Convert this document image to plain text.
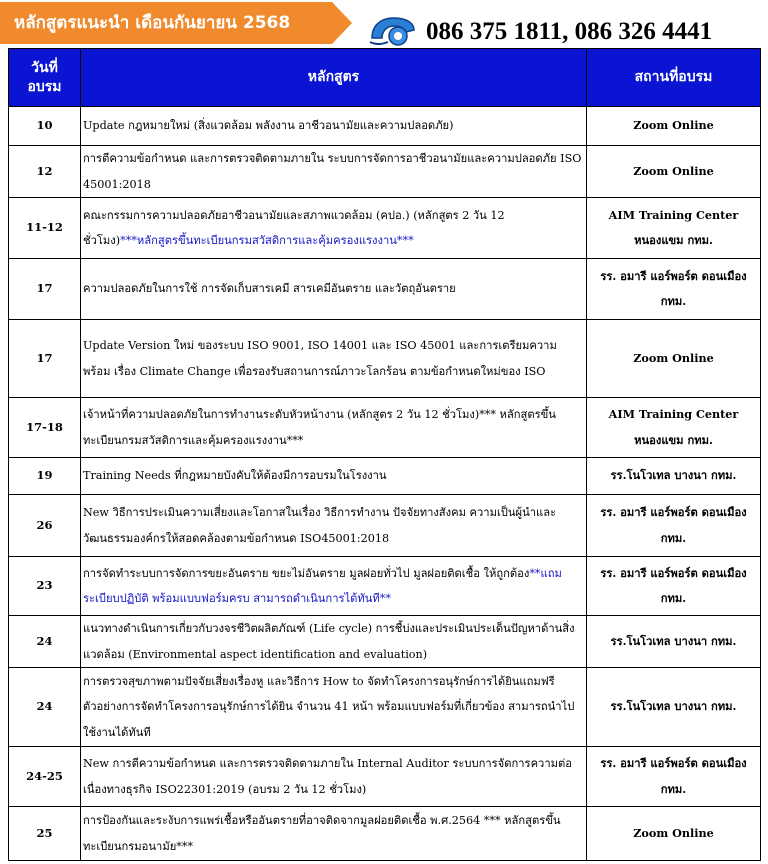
หลักสูตรแนะนำ เดือนกันยายน 2568	086 375 1811, 086 326 4441
วันที่
อบรม	หลักสูตร	สถานที่อบรม
10	Update กฎหมายใหม่ (สิ่งแวดล้อม พลังงาน อาชีวอนามัยและความปลอดภัย)	Zoom Online
12	การตีความข้อกำหนด และการตรวจติดตามภายใน ระบบการจัดการอาชีวอนามัยและความปลอดภัย ISO 45001:2018	Zoom Online
11-12	คณะกรรมการความปลอดภัยอาชีวอนามัยและสภาพแวดล้อม (คปอ.) (หลักสูตร 2 วัน 12 ชั่วโมง)***หลักสูตรขึ้นทะเบียนกรมสวัสดิการและคุ้มครองแรงงาน***	AIM Training Center
หนองแขม กทม.
17	ความปลอดภัยในการใช้ การจัดเก็บสารเคมี สารเคมีอันตราย และวัตถุอันตราย	รร. อมารี แอร์พอร์ต ดอนเมือง กทม.
17	Update Version ใหม่ ของระบบ ISO 9001, ISO 14001 และ ISO 45001 และการเตรียมความพร้อม เรื่อง Climate Change เพื่อรองรับสถานการณ์ภาวะโลกร้อน ตามข้อกำหนดใหม่ของ ISO	Zoom Online
17-18	เจ้าหน้าที่ความปลอดภัยในการทำงานระดับหัวหน้างาน (หลักสูตร 2 วัน 12 ชั่วโมง)*** หลักสูตรขึ้นทะเบียนกรมสวัสดิการและคุ้มครองแรงงาน***	AIM Training Center
หนองแขม กทม.
19	Training Needs ที่กฎหมายบังคับให้ต้องมีการอบรมในโรงงาน	รร.โนโวเทล บางนา กทม.
26	New วิธีการประเมินความเสี่ยงและโอกาสในเรื่อง วิธีการทำงาน ปัจจัยทางสังคม ความเป็นผู้นำและวัฒนธรรมองค์กรให้สอดคล้องตามข้อกำหนด ISO45001:2018	รร. อมารี แอร์พอร์ต ดอนเมือง กทม.
23	การจัดทำระบบการจัดการขยะอันตราย ขยะไม่อันตราย มูลฝอยทั่วไป มูลฝอยติดเชื้อ ให้ถูกต้อง**แถมระเบียบปฏิบัติ พร้อมแบบฟอร์มครบ สามารถดำเนินการได้ทันที**	รร. อมารี แอร์พอร์ต ดอนเมือง กทม.
24	แนวทางดำเนินการเกี่ยวกับวงจรชีวิตผลิตภัณฑ์ (Life cycle) การชี้บ่งและประเมินประเด็นปัญหาด้านสิ่งแวดล้อม (Environmental aspect identification and evaluation)	รร.โนโวเทล บางนา กทม.
24	การตรวจสุขภาพตามปัจจัยเสี่ยงเรื่องหู และวิธีการ How to จัดทำโครงการอนุรักษ์การได้ยินแถมฟรี ตัวอย่างการจัดทำโครงการอนุรักษ์การได้ยิน จำนวน 41 หน้า พร้อมแบบฟอร์มที่เกี่ยวข้อง สามารถนำไปใช้งานได้ทันที	รร.โนโวเทล บางนา กทม.
24-25	New การตีความข้อกำหนด และการตรวจติดตามภายใน Internal Auditor ระบบการจัดการความต่อเนื่องทางธุรกิจ ISO22301:2019 (อบรม 2 วัน 12 ชั่วโมง)	รร. อมารี แอร์พอร์ต ดอนเมือง กทม.
25	การป้องกันและระงับการแพร่เชื้อหรืออันตรายที่อาจติดจากมูลฝอยติดเชื้อ พ.ศ.2564 *** หลักสูตรขึ้นทะเบียนกรมอนามัย***	Zoom Online
